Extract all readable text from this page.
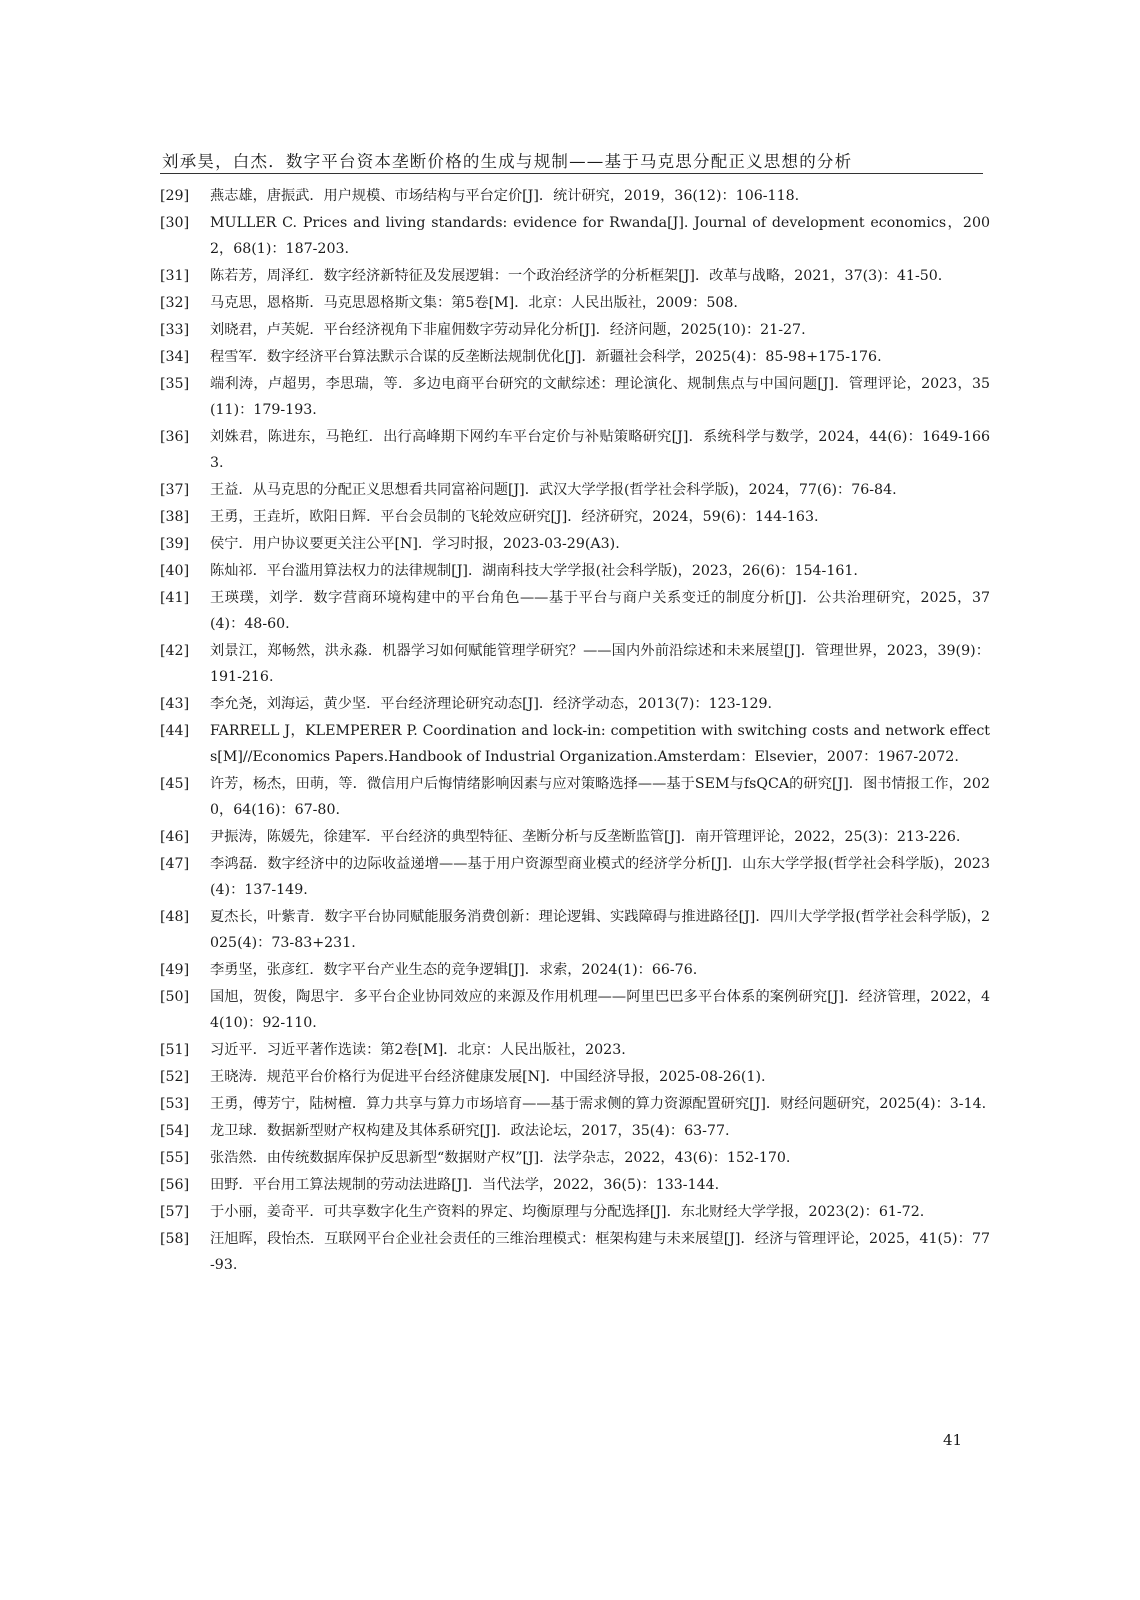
刘承昊，白杰．数字平台资本垄断价格的生成与规制——基于马克思分配正义思想的分析
[29]	燕志雄，唐振武．用户规模、市场结构与平台定价[J]．统计研究，2019，36(12)：106-118.
[30]	MULLER C. Prices and living standards: evidence for Rwanda[J]. Journal of development economics，2002，68(1)：187-203.
[31]	陈若芳，周泽红．数字经济新特征及发展逻辑：一个政治经济学的分析框架[J]．改革与战略，2021，37(3)：41-50.
[32]	马克思，恩格斯．马克思恩格斯文集：第5卷[M]．北京：人民出版社，2009：508.
[33]	刘晓君，卢芙妮．平台经济视角下非雇佣数字劳动异化分析[J]．经济问题，2025(10)：21-27.
[34]	程雪军．数字经济平台算法默示合谋的反垄断法规制优化[J]．新疆社会科学，2025(4)：85-98+175-176.
[35]	端利涛，卢超男，李思瑞，等．多边电商平台研究的文献综述：理论演化、规制焦点与中国问题[J]．管理评论，2023，35(11)：179-193.
[36]	刘姝君，陈进东，马艳红．出行高峰期下网约车平台定价与补贴策略研究[J]．系统科学与数学，2024，44(6)：1649-1663.
[37]	王益．从马克思的分配正义思想看共同富裕问题[J]．武汉大学学报(哲学社会科学版)，2024，77(6)：76-84.
[38]	王勇，王垚圻，欧阳日辉．平台会员制的飞轮效应研究[J]．经济研究，2024，59(6)：144-163.
[39]	侯宁．用户协议要更关注公平[N]．学习时报，2023-03-29(A3).
[40]	陈灿祁．平台滥用算法权力的法律规制[J]．湖南科技大学学报(社会科学版)，2023，26(6)：154-161.
[41]	王瑛璞，刘学．数字营商环境构建中的平台角色——基于平台与商户关系变迁的制度分析[J]．公共治理研究，2025，37(4)：48-60.
[42]	刘景江，郑畅然，洪永淼．机器学习如何赋能管理学研究？——国内外前沿综述和未来展望[J]．管理世界，2023，39(9)：191-216.
[43]	李允尧，刘海运，黄少坚．平台经济理论研究动态[J]．经济学动态，2013(7)：123-129.
[44]	FARRELL J，KLEMPERER P. Coordination and lock-in: competition with switching costs and network effects[M]//Economics Papers.Handbook of Industrial Organization.Amsterdam：Elsevier，2007：1967-2072.
[45]	许芳，杨杰，田萌，等．微信用户后悔情绪影响因素与应对策略选择——基于SEM与fsQCA的研究[J]．图书情报工作，2020，64(16)：67-80.
[46]	尹振涛，陈媛先，徐建军．平台经济的典型特征、垄断分析与反垄断监管[J]．南开管理评论，2022，25(3)：213-226.
[47]	李鸿磊．数字经济中的边际收益递增——基于用户资源型商业模式的经济学分析[J]．山东大学学报(哲学社会科学版)，2023(4)：137-149.
[48]	夏杰长，叶紫青．数字平台协同赋能服务消费创新：理论逻辑、实践障碍与推进路径[J]．四川大学学报(哲学社会科学版)，2025(4)：73-83+231.
[49]	李勇坚，张彦红．数字平台产业生态的竞争逻辑[J]．求索，2024(1)：66-76.
[50]	国旭，贺俊，陶思宇．多平台企业协同效应的来源及作用机理——阿里巴巴多平台体系的案例研究[J]．经济管理，2022，44(10)：92-110.
[51]	习近平．习近平著作选读：第2卷[M]．北京：人民出版社，2023.
[52]	王晓涛．规范平台价格行为促进平台经济健康发展[N]．中国经济导报，2025-08-26(1).
[53]	王勇，傅芳宁，陆树檀．算力共享与算力市场培育——基于需求侧的算力资源配置研究[J]．财经问题研究，2025(4)：3-14.
[54]	龙卫球．数据新型财产权构建及其体系研究[J]．政法论坛，2017，35(4)：63-77.
[55]	张浩然．由传统数据库保护反思新型“数据财产权”[J]．法学杂志，2022，43(6)：152-170.
[56]	田野．平台用工算法规制的劳动法进路[J]．当代法学，2022，36(5)：133-144.
[57]	于小丽，姜奇平．可共享数字化生产资料的界定、均衡原理与分配选择[J]．东北财经大学学报，2023(2)：61-72.
[58]	汪旭晖，段怡杰．互联网平台企业社会责任的三维治理模式：框架构建与未来展望[J]．经济与管理评论，2025，41(5)：77-93.
41
